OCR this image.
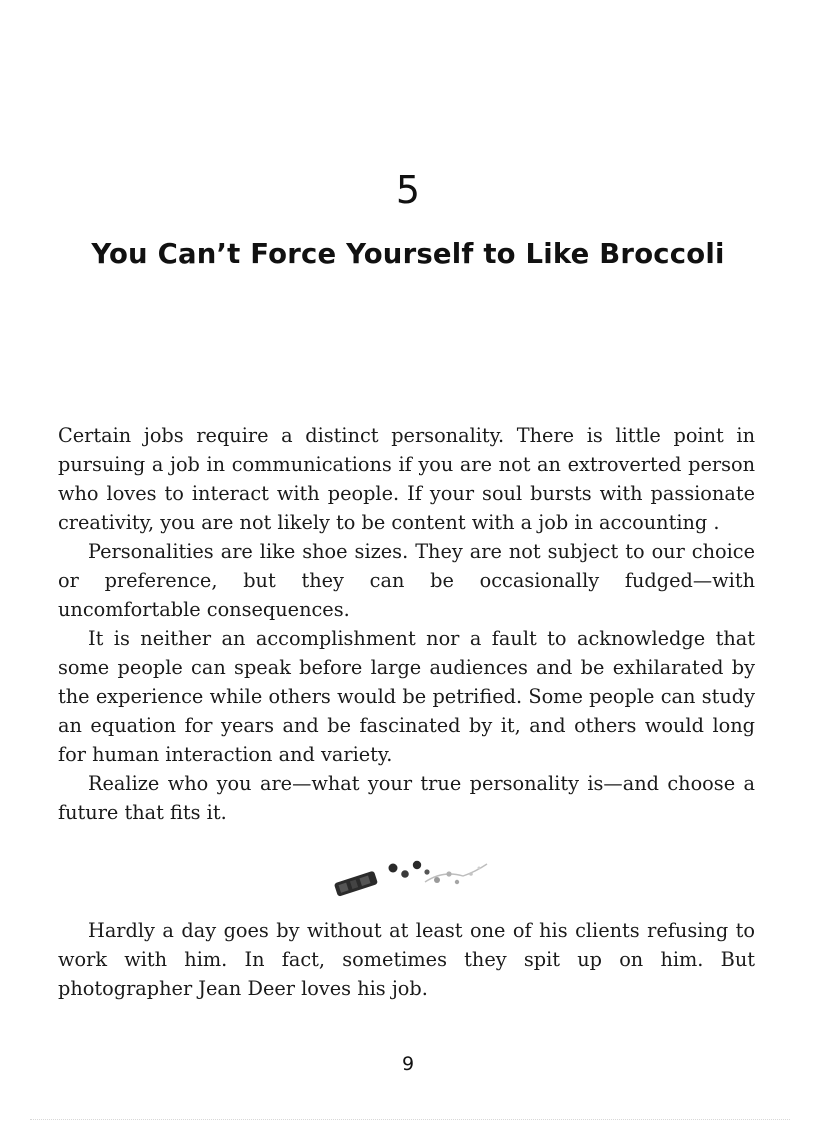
5
You Can’t Force Yourself to Like Broccoli

Certain jobs require a distinct personality. There is little point in pursuing a job in communications if you are not an extroverted person who loves to interact with people. If your soul bursts with passionate creativity, you are not likely to be content with a job in accounting .

Personalities are like shoe sizes. They are not subject to our choice or preference, but they can be occasionally fudged—with uncomfortable consequences.

It is neither an accomplishment nor a fault to acknowledge that some people can speak before large audiences and be exhilarated by the experience while others would be petrified. Some people can study an equation for years and be fascinated by it, and others would long for human interaction and variety.

Realize who you are—what your true personality is—and choose a future that fits it.

Hardly a day goes by without at least one of his clients refusing to work with him. In fact, sometimes they spit up on him. But photographer Jean Deer loves his job.

9
